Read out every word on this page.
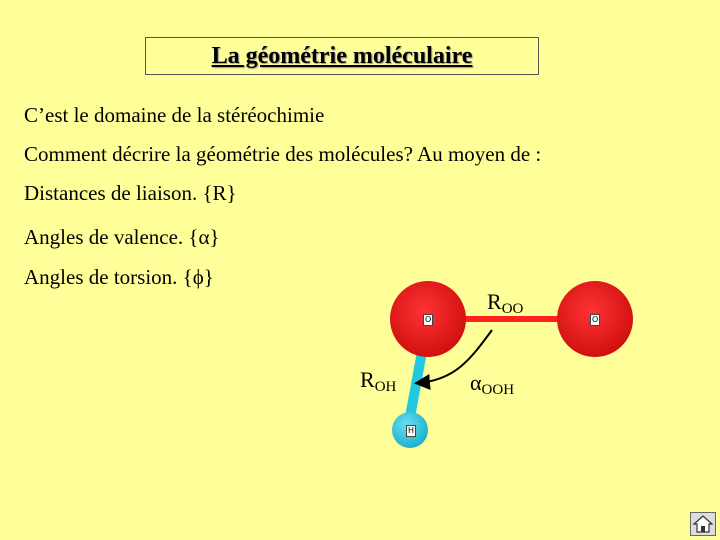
La géométrie moléculaire
C’est le domaine de la stéréochimie
Comment décrire la géométrie des molécules? Au moyen de :
Distances de liaison. {R}
Angles de valence. {α}
Angles de torsion. {ϕ}
O	O
H
$R_{OO}$
$R_{OH}$	$\alpha_{OOH}$
